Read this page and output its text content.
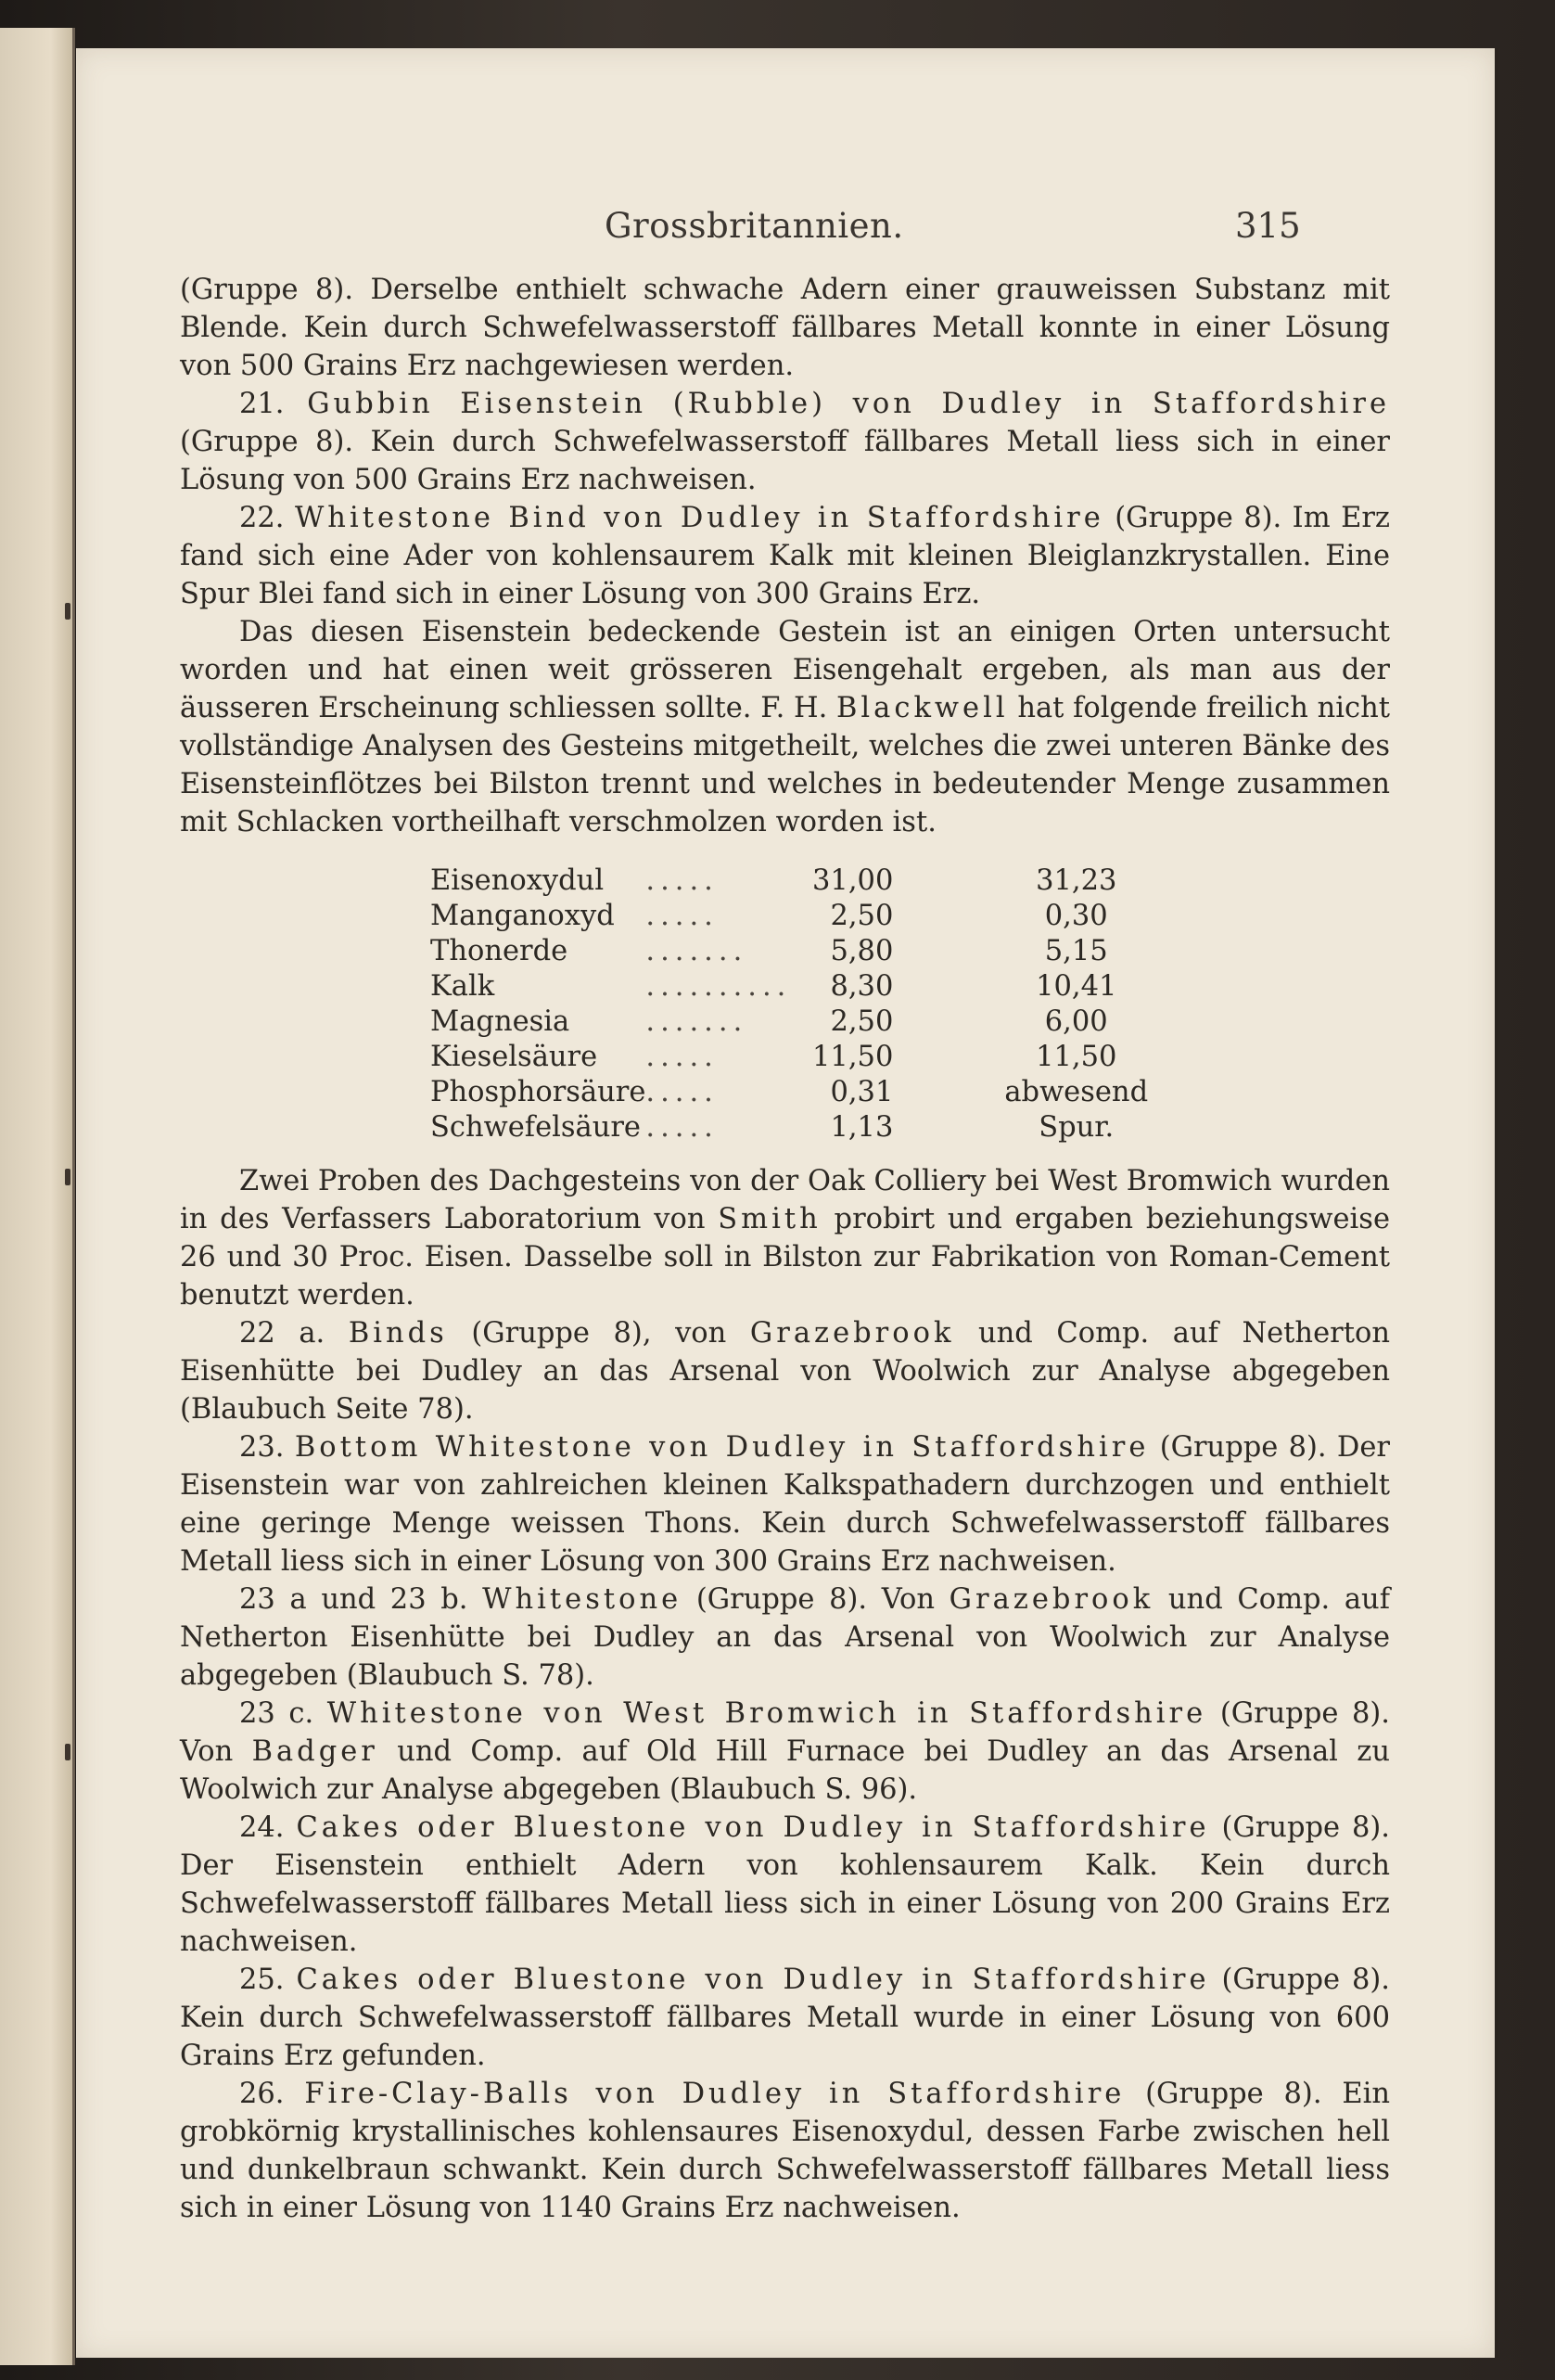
Grossbritannien.	315

(Gruppe 8). Derselbe enthielt schwache Adern einer grauweissen Substanz mit Blende. Kein durch Schwefelwasserstoff fällbares Metall konnte in einer Lösung von 500 Grains Erz nachgewiesen werden.

21. Gubbin Eisenstein (Rubble) von Dudley in Staffordshire (Gruppe 8). Kein durch Schwefelwasserstoff fällbares Metall liess sich in einer Lösung von 500 Grains Erz nachweisen.

22. Whitestone Bind von Dudley in Staffordshire (Gruppe 8). Im Erz fand sich eine Ader von kohlensaurem Kalk mit kleinen Bleiglanzkrystallen. Eine Spur Blei fand sich in einer Lösung von 300 Grains Erz.

Das diesen Eisenstein bedeckende Gestein ist an einigen Orten untersucht worden und hat einen weit grösseren Eisengehalt ergeben, als man aus der äusseren Erscheinung schliessen sollte. F. H. Blackwell hat folgende freilich nicht vollständige Analysen des Gesteins mitgetheilt, welches die zwei unteren Bänke des Eisensteinflötzes bei Bilston trennt und welches in bedeutender Menge zusammen mit Schlacken vortheilhaft verschmolzen worden ist.

Eisenoxydul	.....	31,00		31,23
Manganoxyd	.....	2,50		0,30
Thonerde	.......	5,80		5,15
Kalk	..........	8,30		10,41
Magnesia	.......	2,50		6,00
Kieselsäure	.....	11,50		11,50
Phosphorsäure	.....	0,31		abwesend
Schwefelsäure	.....	1,13		Spur.

Zwei Proben des Dachgesteins von der Oak Colliery bei West Bromwich wurden in des Verfassers Laboratorium von Smith probirt und ergaben beziehungsweise 26 und 30 Proc. Eisen. Dasselbe soll in Bilston zur Fabrikation von Roman-Cement benutzt werden.

22 a. Binds (Gruppe 8), von Grazebrook und Comp. auf Netherton Eisenhütte bei Dudley an das Arsenal von Woolwich zur Analyse abgegeben (Blaubuch Seite 78).

23. Bottom Whitestone von Dudley in Staffordshire (Gruppe 8). Der Eisenstein war von zahlreichen kleinen Kalkspathadern durchzogen und enthielt eine geringe Menge weissen Thons. Kein durch Schwefelwasserstoff fällbares Metall liess sich in einer Lösung von 300 Grains Erz nachweisen.

23 a und 23 b. Whitestone (Gruppe 8). Von Grazebrook und Comp. auf Netherton Eisenhütte bei Dudley an das Arsenal von Woolwich zur Analyse abgegeben (Blaubuch S. 78).

23 c. Whitestone von West Bromwich in Staffordshire (Gruppe 8). Von Badger und Comp. auf Old Hill Furnace bei Dudley an das Arsenal zu Woolwich zur Analyse abgegeben (Blaubuch S. 96).

24. Cakes oder Bluestone von Dudley in Staffordshire (Gruppe 8). Der Eisenstein enthielt Adern von kohlensaurem Kalk. Kein durch Schwefelwasserstoff fällbares Metall liess sich in einer Lösung von 200 Grains Erz nachweisen.

25. Cakes oder Bluestone von Dudley in Staffordshire (Gruppe 8). Kein durch Schwefelwasserstoff fällbares Metall wurde in einer Lösung von 600 Grains Erz gefunden.

26. Fire-Clay-Balls von Dudley in Staffordshire (Gruppe 8). Ein grobkörnig krystallinisches kohlensaures Eisenoxydul, dessen Farbe zwischen hell und dunkelbraun schwankt. Kein durch Schwefelwasserstoff fällbares Metall liess sich in einer Lösung von 1140 Grains Erz nachweisen.
